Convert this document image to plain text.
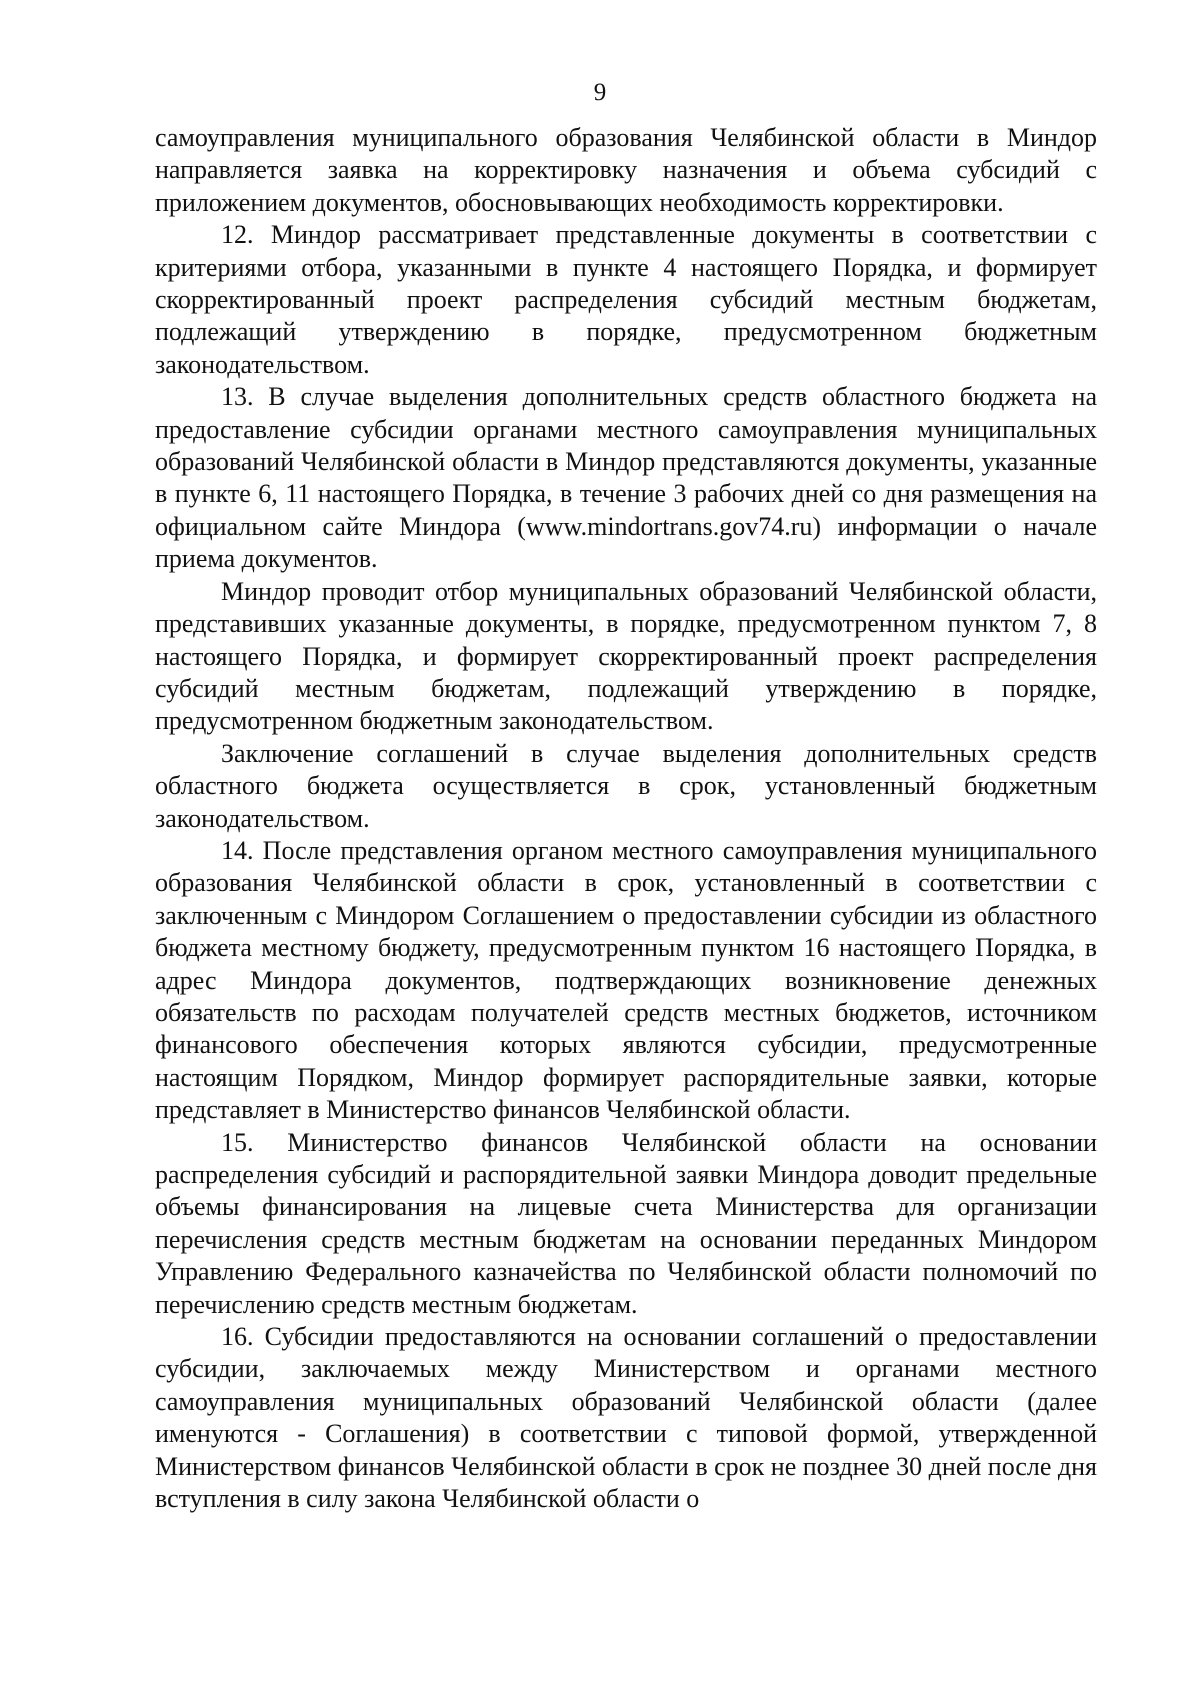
9

самоуправления муниципального образования Челябинской области в Миндор направляется заявка на корректировку назначения и объема субсидий с приложением документов, обосновывающих необходимость корректировки.

12. Миндор рассматривает представленные документы в соответствии с критериями отбора, указанными в пункте 4 настоящего Порядка, и формирует скорректированный проект распределения субсидий местным бюджетам, подлежащий утверждению в порядке, предусмотренном бюджетным законодательством.

13. В случае выделения дополнительных средств областного бюджета на предоставление субсидии органами местного самоуправления муниципальных образований Челябинской области в Миндор представляются документы, указанные в пункте 6, 11 настоящего Порядка, в течение 3 рабочих дней со дня размещения на официальном сайте Миндора (www.mindortrans.gov74.ru) информации о начале приема документов.

Миндор проводит отбор муниципальных образований Челябинской области, представивших указанные документы, в порядке, предусмотренном пунктом 7, 8 настоящего Порядка, и формирует скорректированный проект распределения субсидий местным бюджетам, подлежащий утверждению в порядке, предусмотренном бюджетным законодательством.

Заключение соглашений в случае выделения дополнительных средств областного бюджета осуществляется в срок, установленный бюджетным законодательством.

14. После представления органом местного самоуправления муниципального образования Челябинской области в срок, установленный в соответствии с заключенным с Миндором Соглашением о предоставлении субсидии из областного бюджета местному бюджету, предусмотренным пунктом 16 настоящего Порядка, в адрес Миндора документов, подтверждающих возникновение денежных обязательств по расходам получателей средств местных бюджетов, источником финансового обеспечения которых являются субсидии, предусмотренные настоящим Порядком, Миндор формирует распорядительные заявки, которые представляет в Министерство финансов Челябинской области.

15. Министерство финансов Челябинской области на основании распределения субсидий и распорядительной заявки Миндора доводит предельные объемы финансирования на лицевые счета Министерства для организации перечисления средств местным бюджетам на основании переданных Миндором Управлению Федерального казначейства по Челябинской области полномочий по перечислению средств местным бюджетам.

16. Субсидии предоставляются на основании соглашений о предоставлении субсидии, заключаемых между Министерством и органами местного самоуправления муниципальных образований Челябинской области (далее именуются - Соглашения) в соответствии с типовой формой, утвержденной Министерством финансов Челябинской области в срок не позднее 30 дней после дня вступления в силу закона Челябинской области о
